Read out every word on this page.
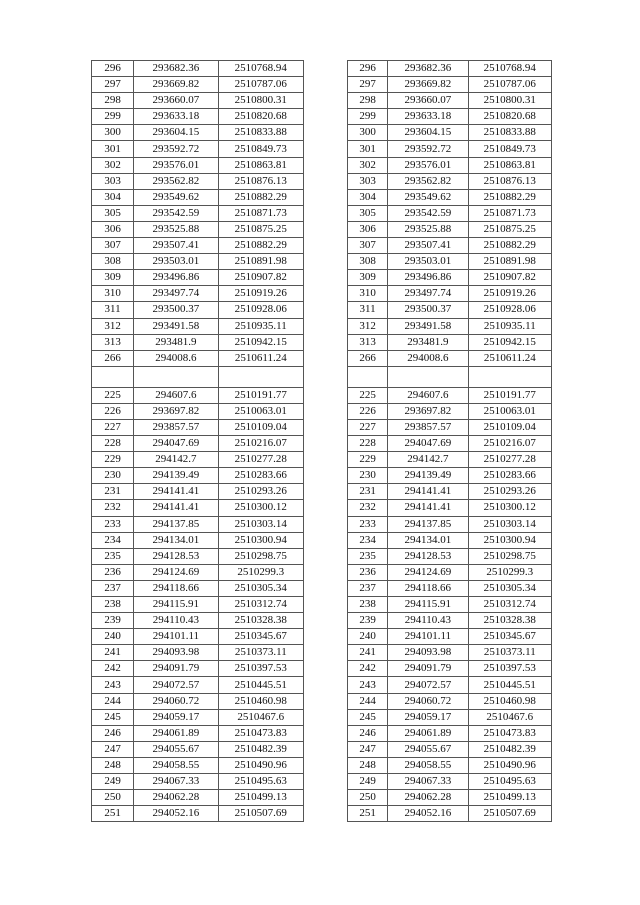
296	293682.36	2510768.94
297	293669.82	2510787.06
298	293660.07	2510800.31
299	293633.18	2510820.68
300	293604.15	2510833.88
301	293592.72	2510849.73
302	293576.01	2510863.81
303	293562.82	2510876.13
304	293549.62	2510882.29
305	293542.59	2510871.73
306	293525.88	2510875.25
307	293507.41	2510882.29
308	293503.01	2510891.98
309	293496.86	2510907.82
310	293497.74	2510919.26
311	293500.37	2510928.06
312	293491.58	2510935.11
313	293481.9	2510942.15
266	294008.6	2510611.24

225	294607.6	2510191.77
226	293697.82	2510063.01
227	293857.57	2510109.04
228	294047.69	2510216.07
229	294142.7	2510277.28
230	294139.49	2510283.66
231	294141.41	2510293.26
232	294141.41	2510300.12
233	294137.85	2510303.14
234	294134.01	2510300.94
235	294128.53	2510298.75
236	294124.69	2510299.3
237	294118.66	2510305.34
238	294115.91	2510312.74
239	294110.43	2510328.38
240	294101.11	2510345.67
241	294093.98	2510373.11
242	294091.79	2510397.53
243	294072.57	2510445.51
244	294060.72	2510460.98
245	294059.17	2510467.6
246	294061.89	2510473.83
247	294055.67	2510482.39
248	294058.55	2510490.96
249	294067.33	2510495.63
250	294062.28	2510499.13
251	294052.16	2510507.69
296	293682.36	2510768.94
297	293669.82	2510787.06
298	293660.07	2510800.31
299	293633.18	2510820.68
300	293604.15	2510833.88
301	293592.72	2510849.73
302	293576.01	2510863.81
303	293562.82	2510876.13
304	293549.62	2510882.29
305	293542.59	2510871.73
306	293525.88	2510875.25
307	293507.41	2510882.29
308	293503.01	2510891.98
309	293496.86	2510907.82
310	293497.74	2510919.26
311	293500.37	2510928.06
312	293491.58	2510935.11
313	293481.9	2510942.15
266	294008.6	2510611.24

225	294607.6	2510191.77
226	293697.82	2510063.01
227	293857.57	2510109.04
228	294047.69	2510216.07
229	294142.7	2510277.28
230	294139.49	2510283.66
231	294141.41	2510293.26
232	294141.41	2510300.12
233	294137.85	2510303.14
234	294134.01	2510300.94
235	294128.53	2510298.75
236	294124.69	2510299.3
237	294118.66	2510305.34
238	294115.91	2510312.74
239	294110.43	2510328.38
240	294101.11	2510345.67
241	294093.98	2510373.11
242	294091.79	2510397.53
243	294072.57	2510445.51
244	294060.72	2510460.98
245	294059.17	2510467.6
246	294061.89	2510473.83
247	294055.67	2510482.39
248	294058.55	2510490.96
249	294067.33	2510495.63
250	294062.28	2510499.13
251	294052.16	2510507.69
